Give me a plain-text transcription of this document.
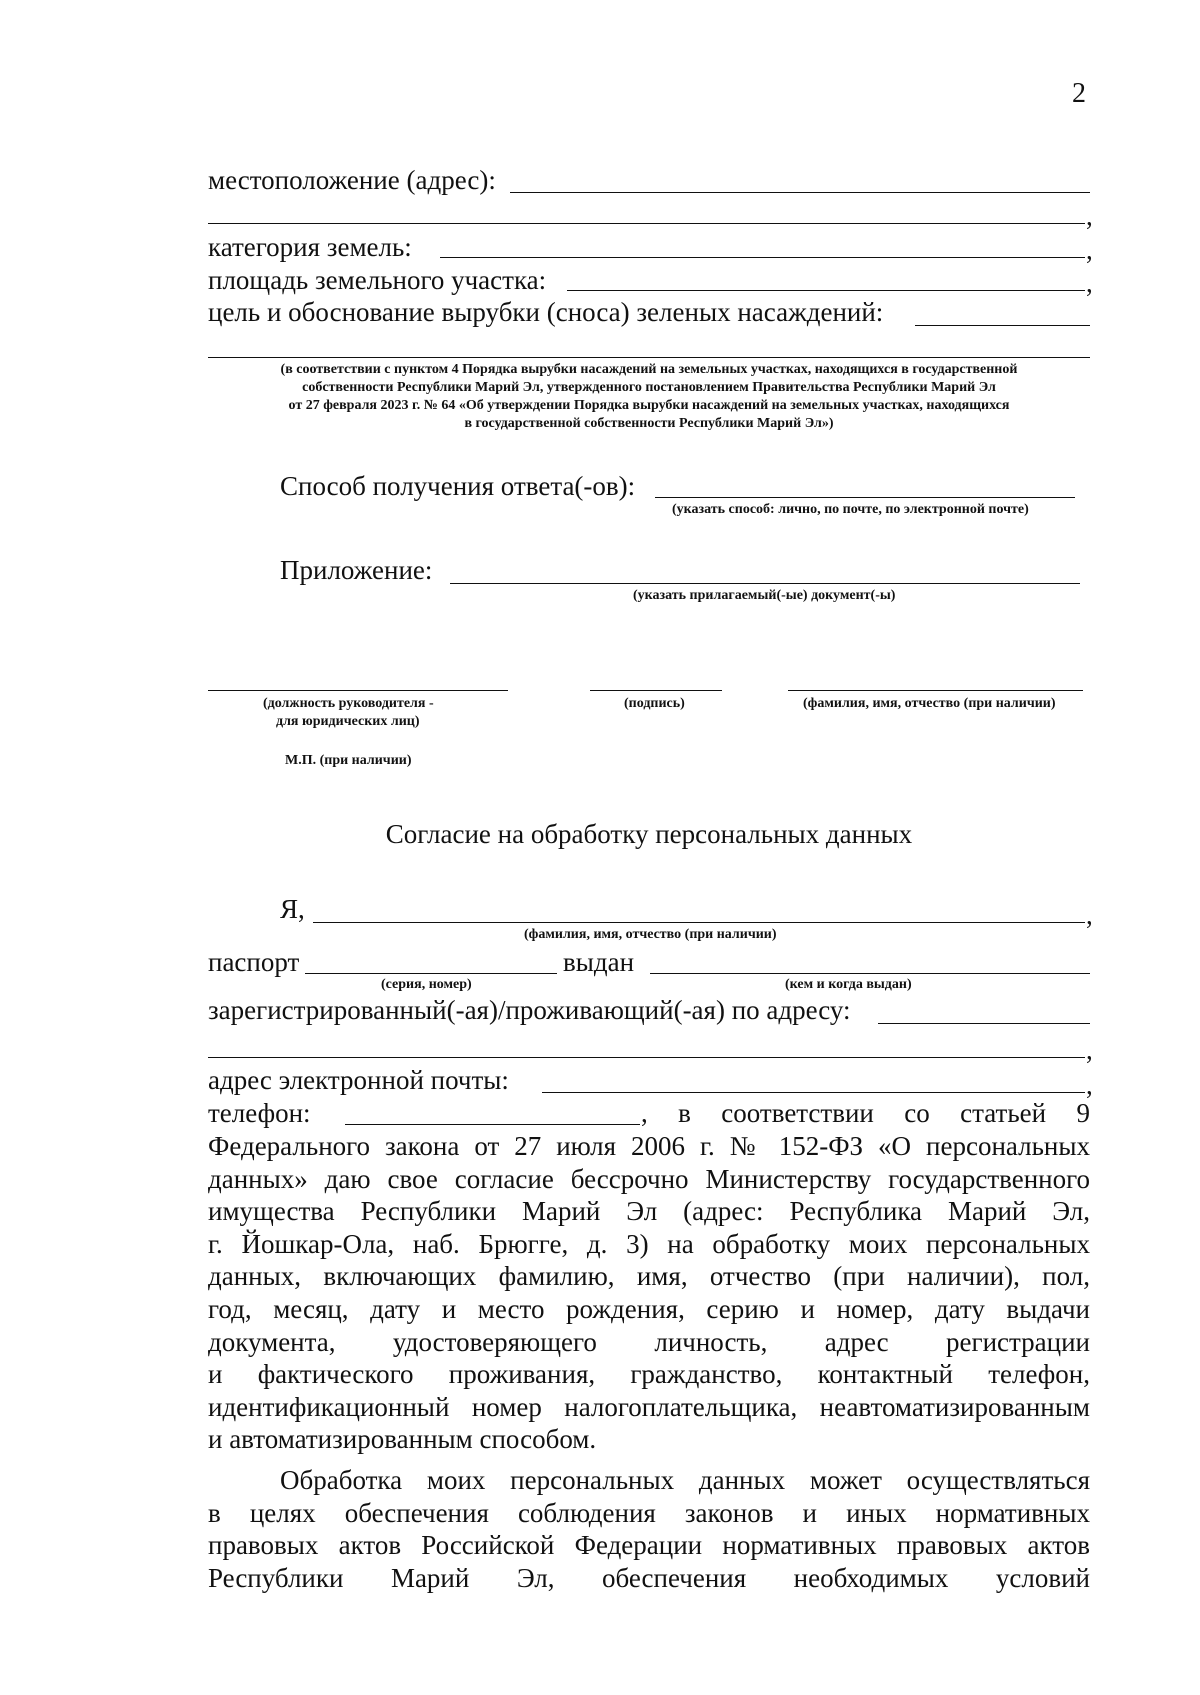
2
местоположение (адрес):
,
категория земель:	,
площадь земельного участка:	,
цель и обоснование вырубки (сноса) зеленых насаждений:
(в соответствии с пунктом 4 Порядка вырубки насаждений на земельных участках, находящихся в государственной
собственности Республики Марий Эл, утвержденного постановлением Правительства Республики Марий Эл
от 27 февраля 2023 г. № 64 «Об утверждении Порядка вырубки насаждений на земельных участках, находящихся
в государственной собственности Республики Марий Эл»)
Способ получения ответа(-ов):
(указать способ: лично, по почте, по электронной почте)
Приложение:
(указать прилагаемый(-ые) документ(-ы)
(должность руководителя -
для юридических лиц)
(подпись)	(фамилия, имя, отчество (при наличии)
М.П. (при наличии)
Согласие на обработку персональных данных
Я,	,
(фамилия, имя, отчество (при наличии)
паспорт	выдан
(серия, номер)	(кем и когда выдан)
зарегистрированный(-ая)/проживающий(-ая) по адресу:
,
адрес электронной почты:	,
телефон:	, в соответствии со статьей 9
Федерального закона от 27 июля 2006 г. № 152-ФЗ «О персональных
данных» даю свое согласие бессрочно Министерству государственного
имущества Республики Марий Эл (адрес: Республика Марий Эл,
г. Йошкар-Ола, наб. Брюгге, д. 3) на обработку моих персональных
данных, включающих фамилию, имя, отчество (при наличии), пол,
год, месяц, дату и место рождения, серию и номер, дату выдачи
документа, удостоверяющего личность, адрес регистрации
и фактического проживания, гражданство, контактный телефон,
идентификационный номер налогоплательщика, неавтоматизированным
и автоматизированным способом.
Обработка моих персональных данных может осуществляться
в целях обеспечения соблюдения законов и иных нормативных
правовых актов Российской Федерации нормативных правовых актов
Республики Марий Эл, обеспечения необходимых условий
